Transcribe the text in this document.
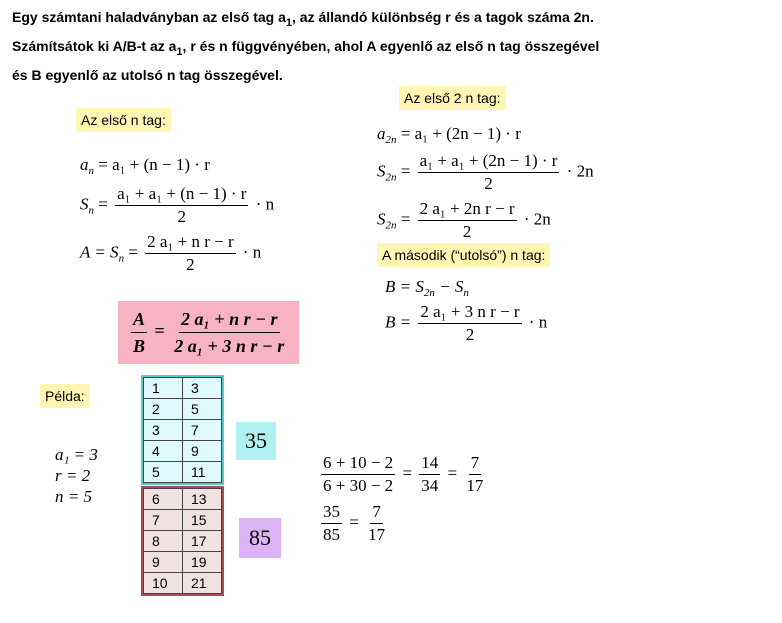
Egy számtani haladványban az első tag $a_1$, az állandó különbség r és a tagok száma 2n.
Számítsátok ki A/B-t az $a_1$, r és n függvényében, ahol A egyenlő az első n tag összegével
és B egyenlő az utolsó n tag összegével.
Az első n tag:
$a_n = a_1 + (n - 1) \cdot r$
$S_n = \frac{\text{a₁ + a₁ + (n − 1) · r}}{2} \cdot n$
$A = S_n = \frac{\text{2 a₁ + n r − r}}{2} \cdot n$
$\frac{A}{B} = \frac{\text{2 a₁ + n r − r}}{\text{2 a₁ + 3 n r − r}}$
Az első 2 n tag:
$a_{2n} = a_1 + (2n - 1) \cdot r$
$S_{2n} = \frac{\text{a₁ + a₁ + (2n − 1) · r}}{2} \cdot 2n$
$S_{2n} = \frac{\text{2 a₁ + 2n r − r}}{2} \cdot 2n$
A második (“utolsó”) n tag:
$B = S_{2n} - S_n$
$B = \frac{\text{2 a₁ + 3 n r − r}}{2} \cdot n$
Példa:
a₁ = 3
r = 2
n = 5
1	3
2	5
3	7
4	9
5	11
6	13
7	15
8	17
9	19
10	21
35
85
$\frac{6 + 10 - 2}{6 + 30 - 2} = \frac{14}{34} = \frac{7}{17}$
$\frac{35}{85} = \frac{7}{17}$
